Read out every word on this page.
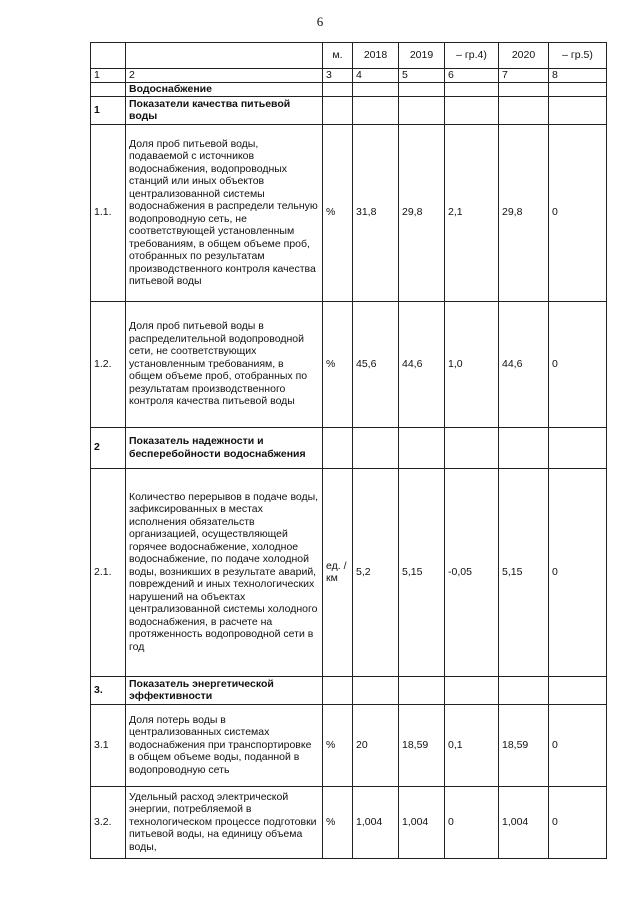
6
		м.	2018	2019	– гр.4)	2020	– гр.5)
1	2	3	4	5	6	7	8
	Водоснабжение						
1	Показатели качества питьевой воды						
1.1.	Доля проб питьевой воды, подаваемой с источников водоснабжения, водопроводных станций или иных объектов централизованной системы водоснабжения в распредели тельную водопроводную сеть, не соответствующей установленным требованиям, в общем объеме проб, отобранных по результатам производственного контроля качества питьевой воды	%	31,8	29,8	2,1	29,8	0
1.2.	Доля проб питьевой воды в распределительной водопроводной сети, не соответствующих установленным требованиям, в общем объеме проб, отобранных по результатам производственного контроля качества питьевой воды	%	45,6	44,6	1,0	44,6	0
2	Показатель надежности и бесперебойности водоснабжения						
2.1.	Количество перерывов в подаче воды, зафиксированных в местах исполнения обязательств организацией, осуществляющей горячее водоснабжение, холодное водоснабжение, по подаче холодной воды, возникших в результате аварий, повреждений и иных технологических нарушений на объектах централизованной системы холодного водоснабжения, в расчете на протяженность водопроводной сети в год	ед. /км	5,2	5,15	-0,05	5,15	0
3.	Показатель энергетической эффективности						
3.1	Доля потерь воды в централизованных системах водоснабжения при транспортировке в общем объеме воды, поданной в водопроводную сеть	%	20	18,59	0,1	18,59	0
3.2.	Удельный расход электрической энергии, потребляемой в технологическом процессе подготовки питьевой воды, на единицу объема воды,	%	1,004	1,004	0	1,004	0
